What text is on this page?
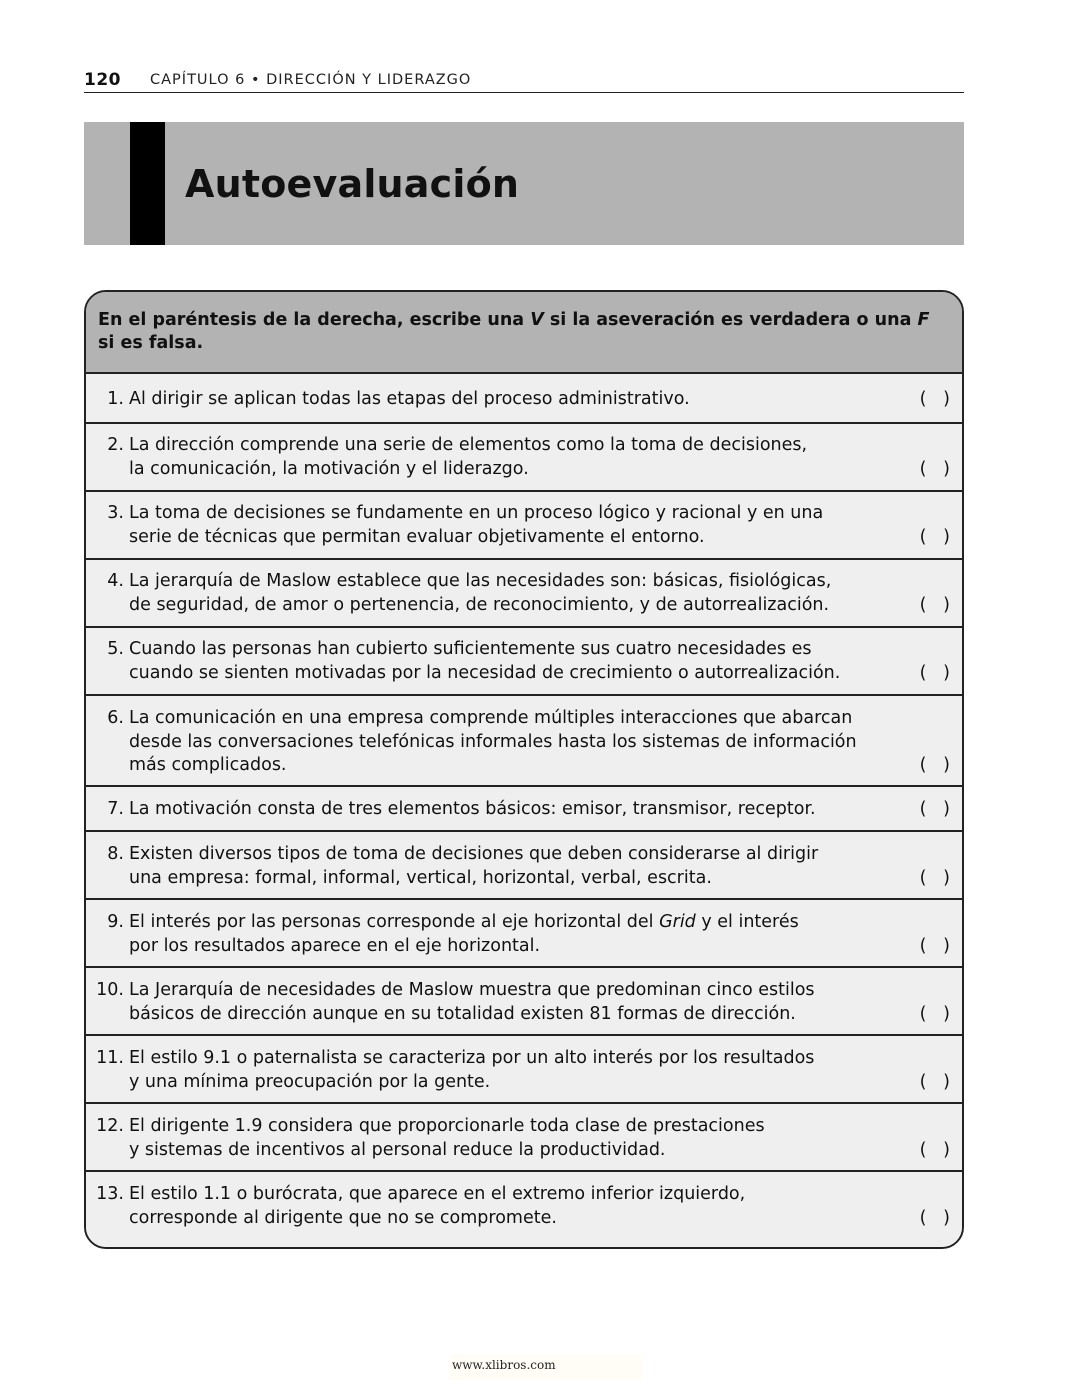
120 CAPÍTULO 6 • DIRECCIÓN Y LIDERAZGO
Autoevaluación
En el paréntesis de la derecha, escribe una V si la aseveración es verdadera o una F
si es falsa.
1. Al dirigir se aplican todas las etapas del proceso administrativo.	(   )
2. La dirección comprende una serie de elementos como la toma de decisiones,
la comunicación, la motivación y el liderazgo.	(   )
3. La toma de decisiones se fundamente en un proceso lógico y racional y en una
serie de técnicas que permitan evaluar objetivamente el entorno.	(   )
4. La jerarquía de Maslow establece que las necesidades son: básicas, fisiológicas,
de seguridad, de amor o pertenencia, de reconocimiento, y de autorrealización.	(   )
5. Cuando las personas han cubierto suficientemente sus cuatro necesidades es
cuando se sienten motivadas por la necesidad de crecimiento o autorrealización.	(   )
6. La comunicación en una empresa comprende múltiples interacciones que abarcan
desde las conversaciones telefónicas informales hasta los sistemas de información
más complicados.	(   )
7. La motivación consta de tres elementos básicos: emisor, transmisor, receptor.	(   )
8. Existen diversos tipos de toma de decisiones que deben considerarse al dirigir
una empresa: formal, informal, vertical, horizontal, verbal, escrita.	(   )
9. El interés por las personas corresponde al eje horizontal del Grid y el interés
por los resultados aparece en el eje horizontal.	(   )
10. La Jerarquía de necesidades de Maslow muestra que predominan cinco estilos
básicos de dirección aunque en su totalidad existen 81 formas de dirección.	(   )
11. El estilo 9.1 o paternalista se caracteriza por un alto interés por los resultados
y una mínima preocupación por la gente.	(   )
12. El dirigente 1.9 considera que proporcionarle toda clase de prestaciones
y sistemas de incentivos al personal reduce la productividad.	(   )
13. El estilo 1.1 o burócrata, que aparece en el extremo inferior izquierdo,
corresponde al dirigente que no se compromete.	(   )
www.xlibros.com
